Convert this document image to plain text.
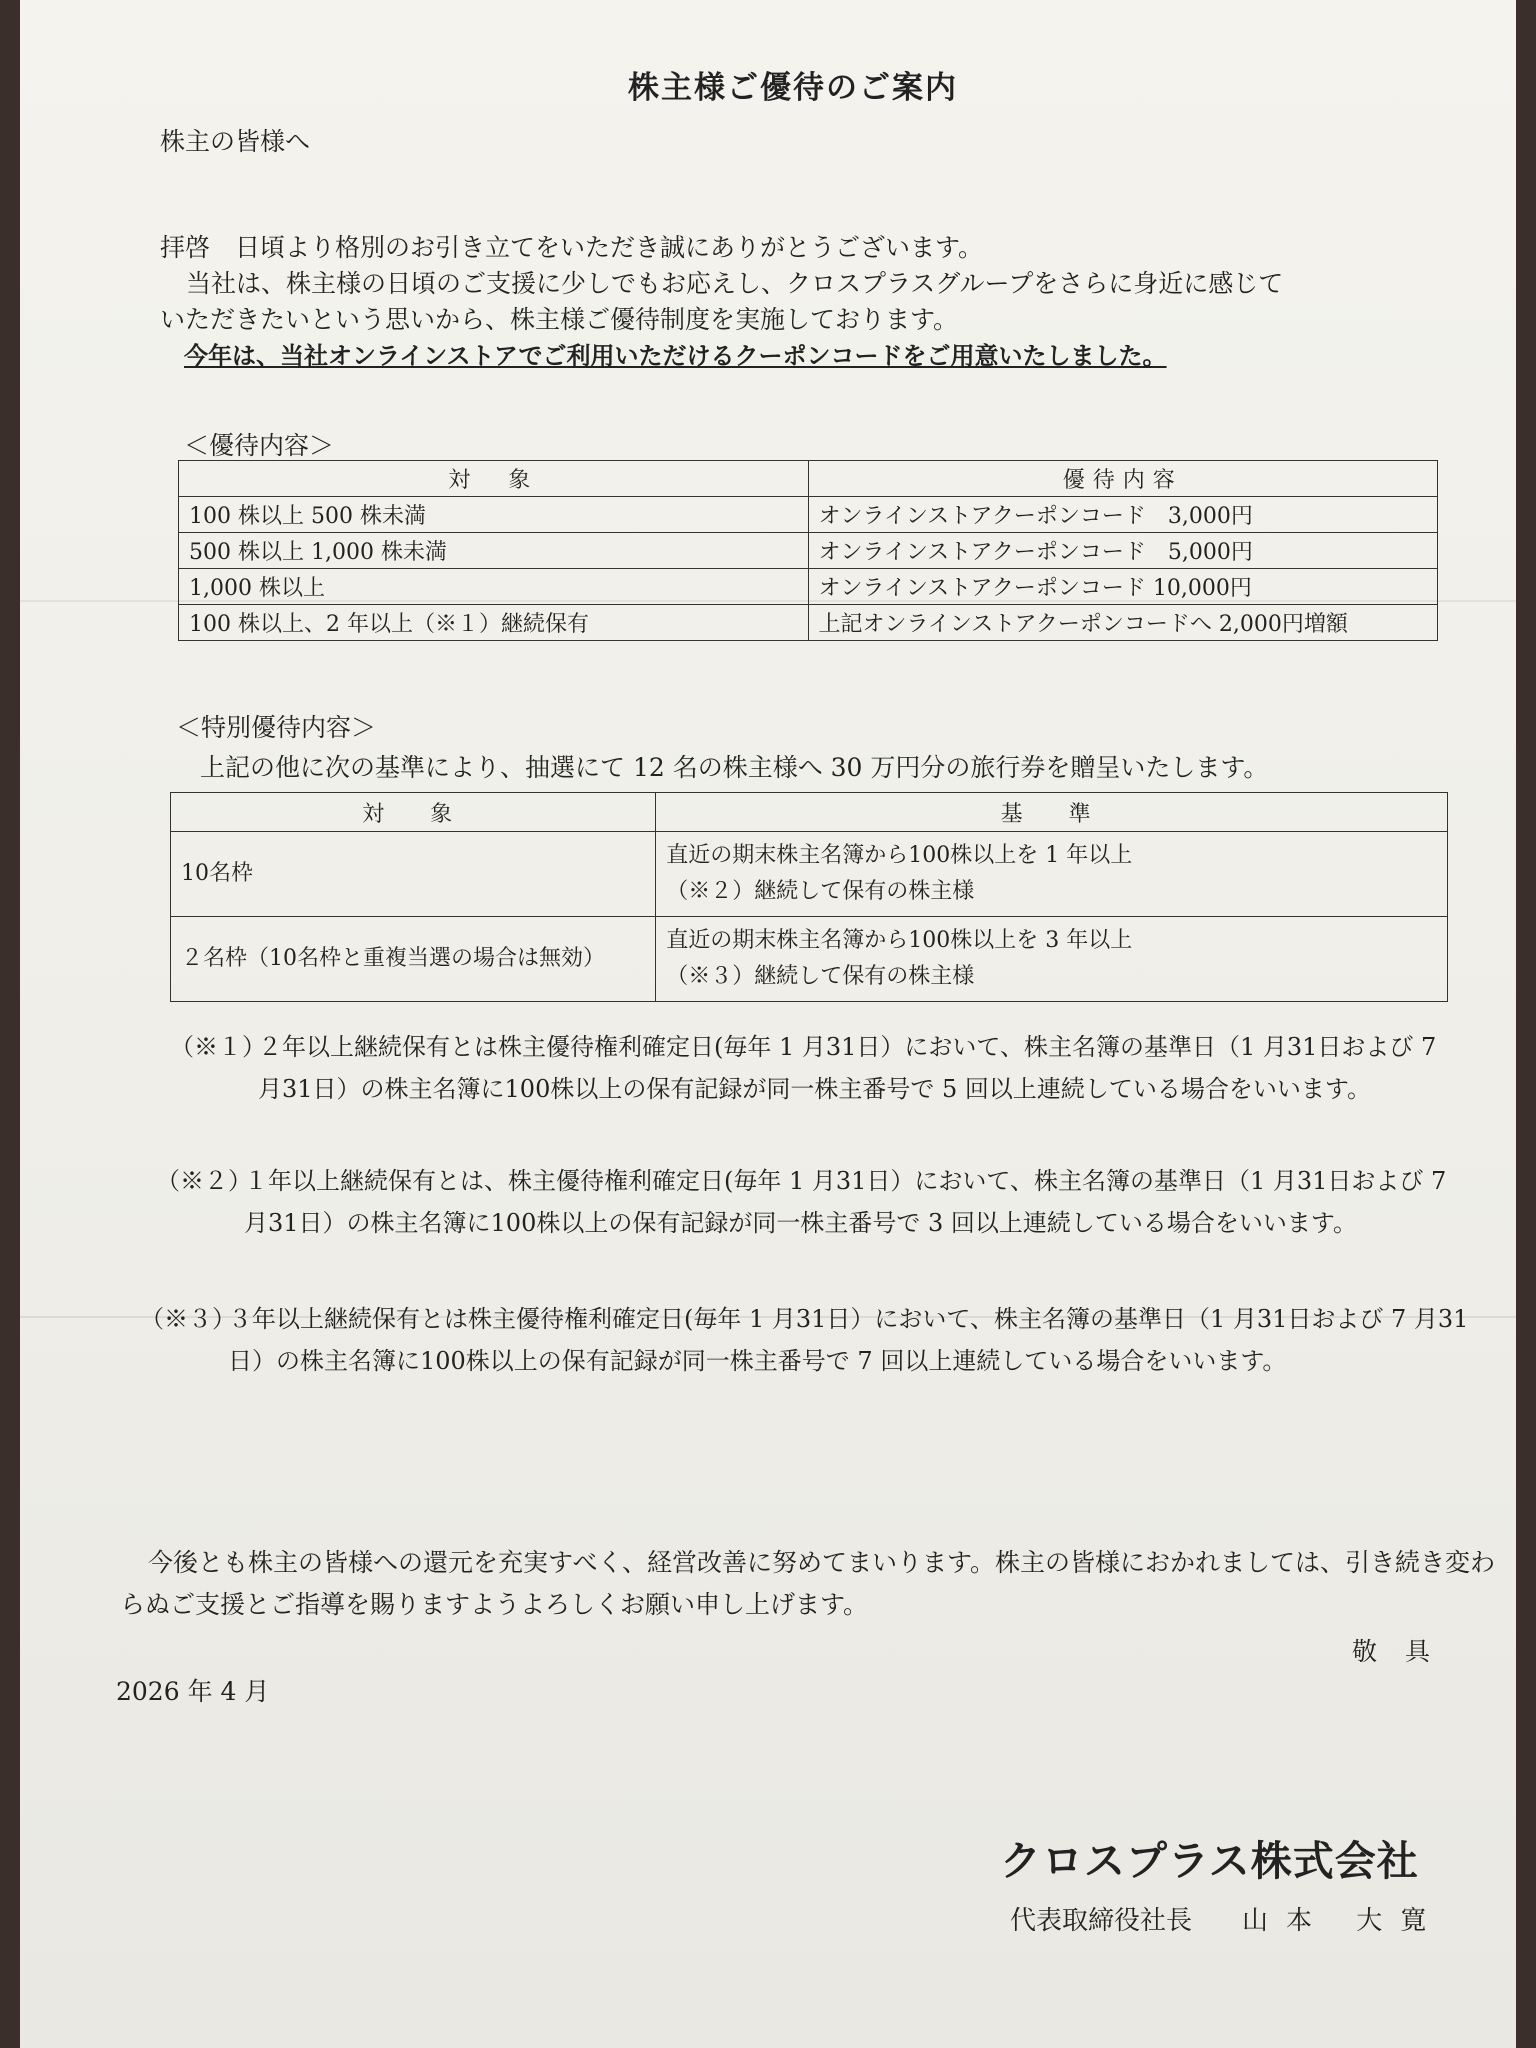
株主様ご優待のご案内
株主の皆様へ
拝啓　日頃より格別のお引き立てをいただき誠にありがとうございます。
当社は、株主様の日頃のご支援に少しでもお応えし、クロスプラスグループをさらに身近に感じて
いただきたいという思いから、株主様ご優待制度を実施しております。
今年は、当社オンラインストアでご利用いただけるクーポンコードをご用意いたしました。
＜優待内容＞
対　象	優待内容
100 株以上 500 株未満	オンラインストアクーポンコード　3,000円
500 株以上 1,000 株未満	オンラインストアクーポンコード　5,000円
1,000 株以上	オンラインストアクーポンコード 10,000円
100 株以上、2 年以上（※１）継続保有	上記オンラインストアクーポンコードへ 2,000円増額
＜特別優待内容＞
上記の他に次の基準により、抽選にて 12 名の株主様へ 30 万円分の旅行券を贈呈いたします。
対　象	基　準
10名枠	直近の期末株主名簿から100株以上を 1 年以上
（※２）継続して保有の株主様

２名枠（10名枠と重複当選の場合は無効）	直近の期末株主名簿から100株以上を 3 年以上
（※３）継続して保有の株主様
（※１）
２年以上継続保有とは株主優待権利確定日(毎年 1 月31日）において、株主名簿の基準日（1 月31日および 7 月31日）の株主名簿に100株以上の保有記録が同一株主番号で 5 回以上連続している場合をいいます。
（※２）
１年以上継続保有とは、株主優待権利確定日(毎年 1 月31日）において、株主名簿の基準日（1 月31日および 7 月31日）の株主名簿に100株以上の保有記録が同一株主番号で 3 回以上連続している場合をいいます。
（※３）
３年以上継続保有とは株主優待権利確定日(毎年 1 月31日）において、株主名簿の基準日（1 月31日および 7 月31日）の株主名簿に100株以上の保有記録が同一株主番号で 7 回以上連続している場合をいいます。
今後とも株主の皆様への還元を充実すべく、経営改善に努めてまいります。株主の皆様におかれましては、引き続き変わらぬご支援とご指導を賜りますようよろしくお願い申し上げます。
敬具
2026 年 4 月
クロスプラス株式会社
代表取締役社長 山本 大寛
